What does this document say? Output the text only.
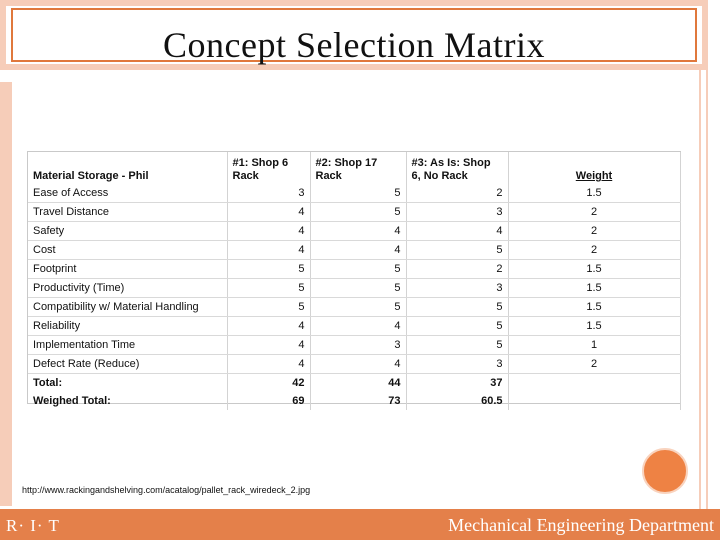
Concept Selection Matrix
Material Storage - Phil	#1: Shop 6 Rack	#2: Shop 17 Rack	#3: As Is: Shop 6, No Rack	Weight
Ease of Access	3	5	2	1.5
Travel Distance	4	5	3	2
Safety	4	4	4	2
Cost	4	4	5	2
Footprint	5	5	2	1.5
Productivity (Time)	5	5	3	1.5
Compatibility w/ Material Handling	5	5	5	1.5
Reliability	4	4	5	1.5
Implementation Time	4	3	5	1
Defect Rate (Reduce)	4	4	3	2
Total:	42	44	37	
Weighed Total:	69	73	60.5	
http://www.rackingandshelving.com/acatalog/pallet_rack_wiredeck_2.jpg
R· I· T	Mechanical Engineering Department
